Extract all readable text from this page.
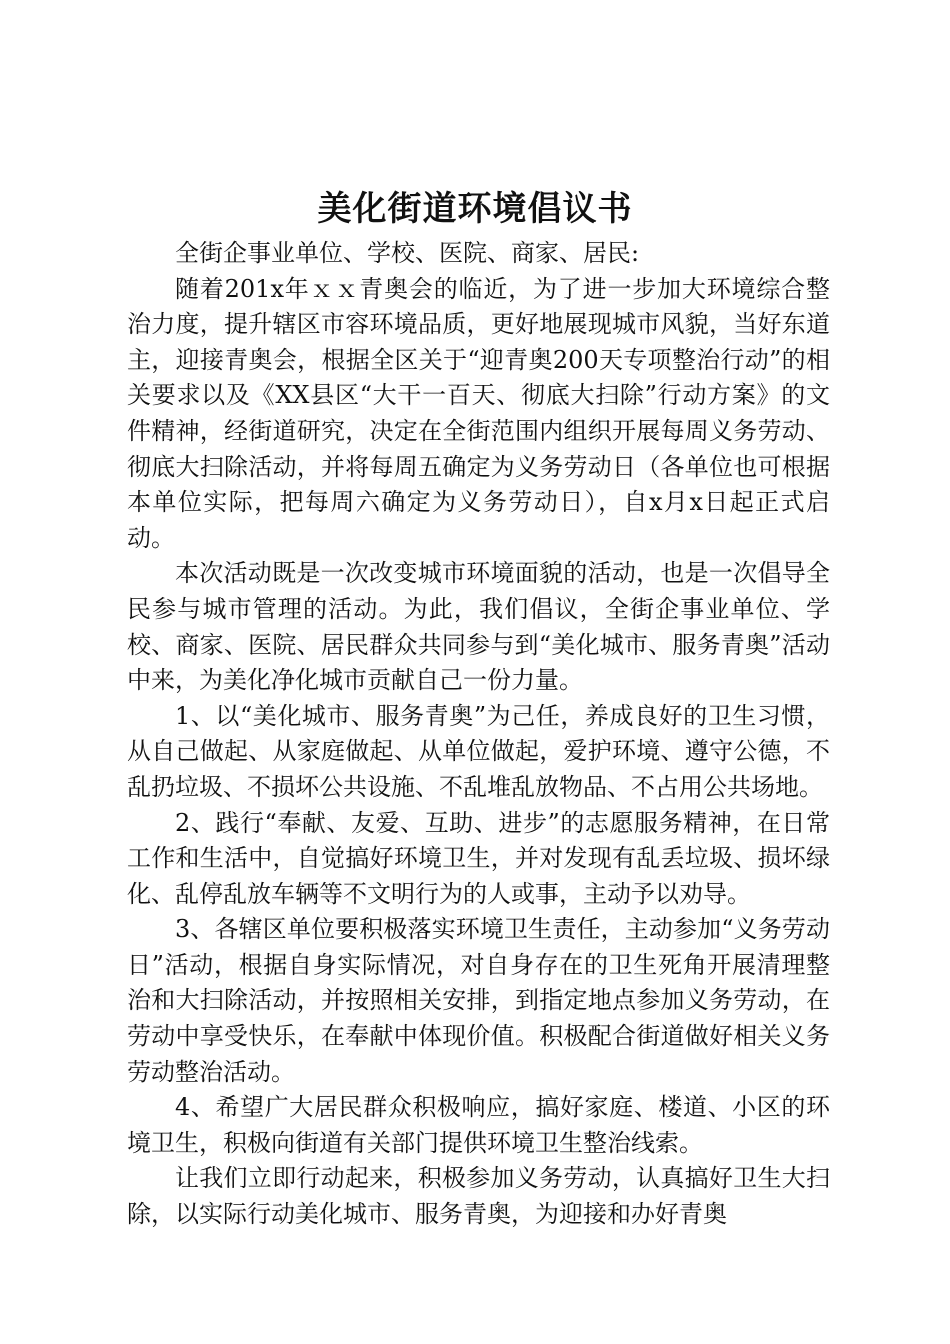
美化街道环境倡议书

全街企事业单位、学校、医院、商家、居民:

随着201x年ｘｘ青奥会的临近，为了进一步加大环境综合整治力度，提升辖区市容环境品质，更好地展现城市风貌，当好东道主，迎接青奥会，根据全区关于“迎青奥200天专项整治行动”的相关要求以及《XX县区“大干一百天、彻底大扫除”行动方案》的文件精神，经街道研究，决定在全街范围内组织开展每周义务劳动、彻底大扫除活动，并将每周五确定为义务劳动日（各单位也可根据本单位实际，把每周六确定为义务劳动日），自x月x日起正式启动。

本次活动既是一次改变城市环境面貌的活动，也是一次倡导全民参与城市管理的活动。为此，我们倡议，全街企事业单位、学校、商家、医院、居民群众共同参与到“美化城市、服务青奥”活动中来，为美化净化城市贡献自己一份力量。

1、以“美化城市、服务青奥”为己任，养成良好的卫生习惯，从自己做起、从家庭做起、从单位做起，爱护环境、遵守公德，不乱扔垃圾、不损坏公共设施、不乱堆乱放物品、不占用公共场地。

2、践行“奉献、友爱、互助、进步”的志愿服务精神，在日常工作和生活中，自觉搞好环境卫生，并对发现有乱丢垃圾、损坏绿化、乱停乱放车辆等不文明行为的人或事，主动予以劝导。

3、各辖区单位要积极落实环境卫生责任，主动参加“义务劳动日”活动，根据自身实际情况，对自身存在的卫生死角开展清理整治和大扫除活动，并按照相关安排，到指定地点参加义务劳动，在劳动中享受快乐，在奉献中体现价值。积极配合街道做好相关义务劳动整治活动。

4、希望广大居民群众积极响应，搞好家庭、楼道、小区的环境卫生，积极向街道有关部门提供环境卫生整治线索。

让我们立即行动起来，积极参加义务劳动，认真搞好卫生大扫除，以实际行动美化城市、服务青奥，为迎接和办好青奥
